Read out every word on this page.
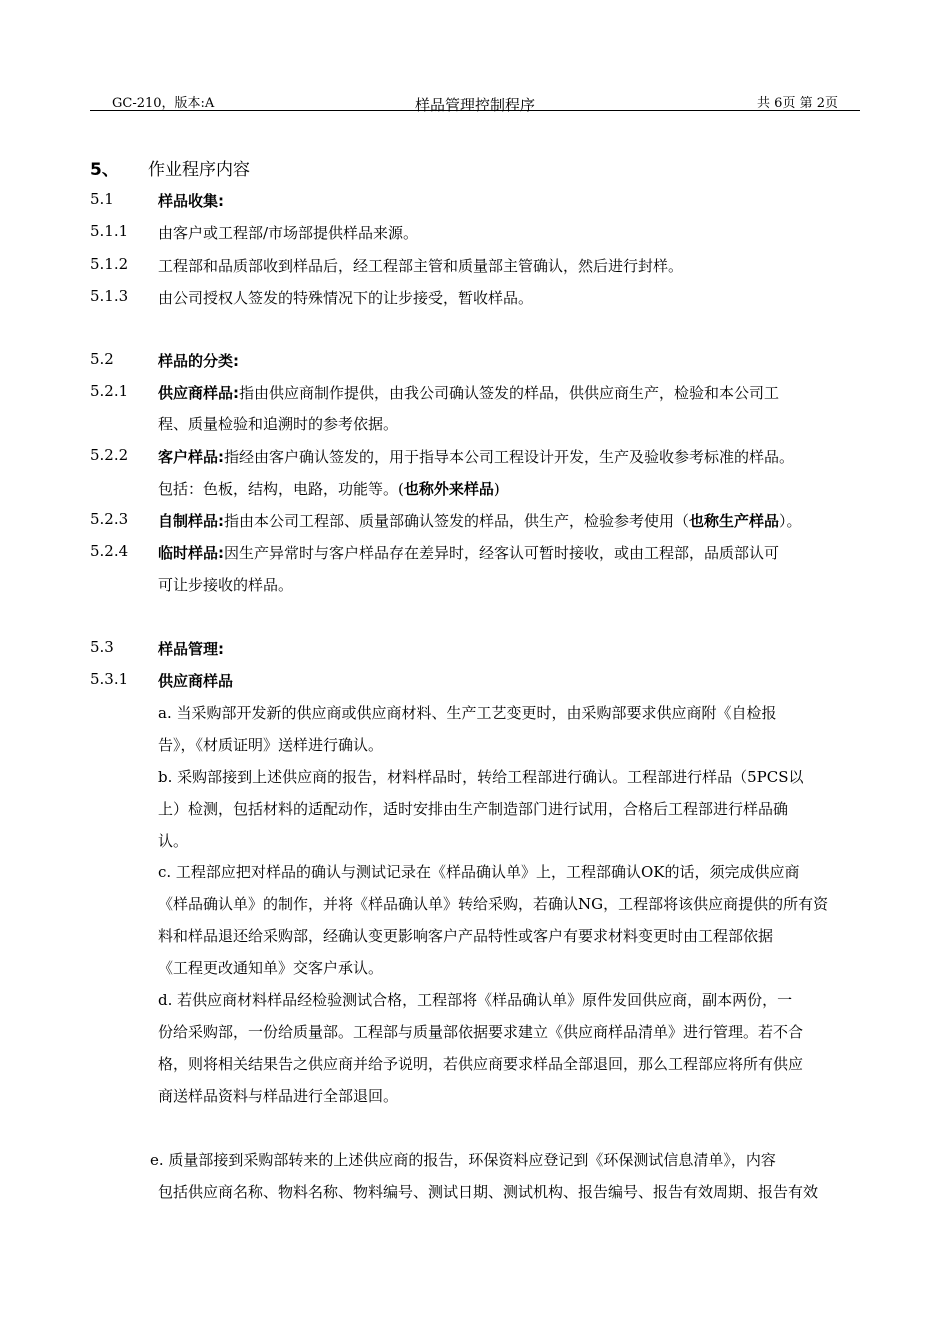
GC-210，版本:A	样品管理控制程序	共 6页 第 2页
5、 作业程序内容
5.1	样品收集:
5.1.1 由客户或工程部/市场部提供样品来源。
5.1.2 工程部和品质部收到样品后，经工程部主管和质量部主管确认，然后进行封样。
5.1.3 由公司授权人签发的特殊情况下的让步接受，暂收样品。
5.2	样品的分类:
5.2.1 供应商样品:指由供应商制作提供，由我公司确认签发的样品，供供应商生产，检验和本公司工
程、质量检验和追溯时的参考依据。
5.2.2 客户样品:指经由客户确认签发的，用于指导本公司工程设计开发，生产及验收参考标准的样品。
包括：色板，结构，电路，功能等。(也称外来样品)
5.2.3 自制样品:指由本公司工程部、质量部确认签发的样品，供生产，检验参考使用（也称生产样品）。
5.2.4 临时样品:因生产异常时与客户样品存在差异时，经客认可暂时接收，或由工程部，品质部认可
可让步接收的样品。
5.3	样品管理:
5.3.1 供应商样品
a. 当采购部开发新的供应商或供应商材料、生产工艺变更时，由采购部要求供应商附《自检报
告》，《材质证明》送样进行确认。
b. 采购部接到上述供应商的报告，材料样品时，转给工程部进行确认。工程部进行样品（5PCS以
上）检测，包括材料的适配动作，适时安排由生产制造部门进行试用，合格后工程部进行样品确
认。
c. 工程部应把对样品的确认与测试记录在《样品确认单》上，工程部确认OK的话，须完成供应商
《样品确认单》的制作，并将《样品确认单》转给采购，若确认NG，工程部将该供应商提供的所有资
料和样品退还给采购部，经确认变更影响客户产品特性或客户有要求材料变更时由工程部依据
《工程更改通知单》交客户承认。
d. 若供应商材料样品经检验测试合格，工程部将《样品确认单》原件发回供应商，副本两份，一
份给采购部，一份给质量部。工程部与质量部依据要求建立《供应商样品清单》进行管理。若不合
格，则将相关结果告之供应商并给予说明，若供应商要求样品全部退回，那么工程部应将所有供应
商送样品资料与样品进行全部退回。
e. 质量部接到采购部转来的上述供应商的报告，环保资料应登记到《环保测试信息清单》，内容
包括供应商名称、物料名称、物料编号、测试日期、测试机构、报告编号、报告有效周期、报告有效
